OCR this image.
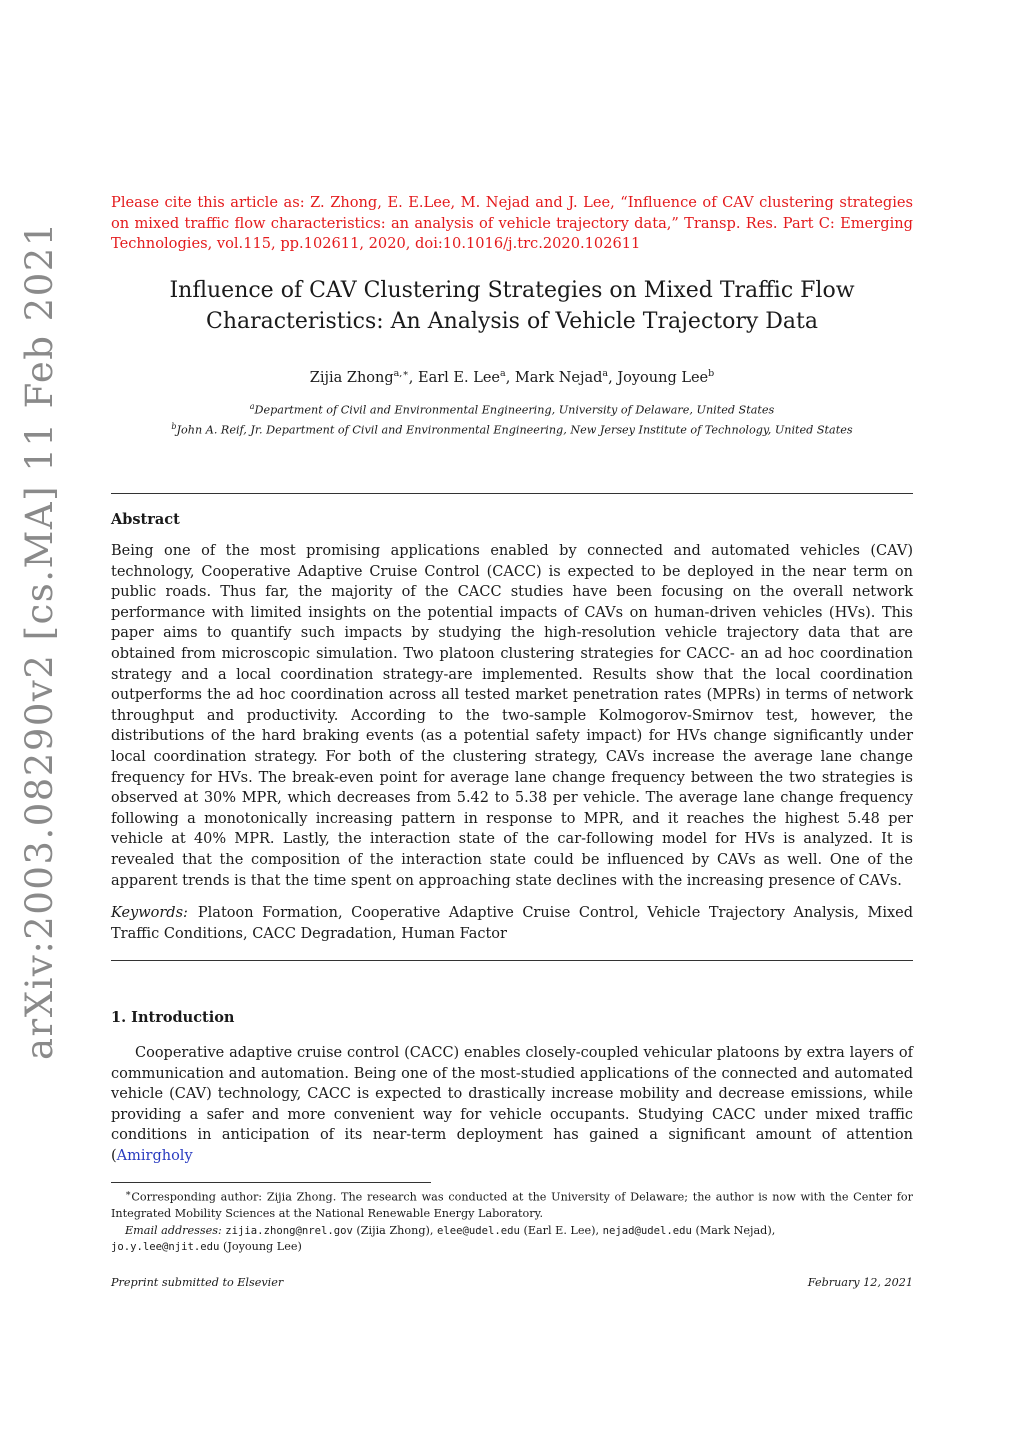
arXiv:2003.08290v2 [cs.MA] 11 Feb 2021
Please cite this article as: Z. Zhong, E. E.Lee, M. Nejad and J. Lee, “Influence of CAV clustering strategies on mixed traffic flow characteristics: an analysis of vehicle trajectory data,” Transp. Res. Part C: Emerging Technologies, vol.115, pp.102611, 2020, doi:10.1016/j.trc.2020.102611
Influence of CAV Clustering Strategies on Mixed Traffic Flow
Characteristics: An Analysis of Vehicle Trajectory Data
Zijia Zhong$^{a,∗}$, Earl E. Lee$^a$, Mark Nejad$^a$, Joyoung Lee$^b$
$^a$Department of Civil and Environmental Engineering, University of Delaware, United States
$^b$John A. Reif, Jr. Department of Civil and Environmental Engineering, New Jersey Institute of Technology, United States
Abstract
Being one of the most promising applications enabled by connected and automated vehicles (CAV) technology, Cooperative Adaptive Cruise Control (CACC) is expected to be deployed in the near term on public roads. Thus far, the majority of the CACC studies have been focusing on the overall network performance with limited insights on the potential impacts of CAVs on human-driven vehicles (HVs). This paper aims to quantify such impacts by studying the high-resolution vehicle trajectory data that are obtained from microscopic simulation. Two platoon clustering strategies for CACC- an ad hoc coordination strategy and a local coordination strategy-are implemented. Results show that the local coordination outperforms the ad hoc coordination across all tested market penetration rates (MPRs) in terms of network throughput and productivity. According to the two-sample Kolmogorov-Smirnov test, however, the distributions of the hard braking events (as a potential safety impact) for HVs change significantly under local coordination strategy. For both of the clustering strategy, CAVs increase the average lane change frequency for HVs. The break-even point for average lane change frequency between the two strategies is observed at 30% MPR, which decreases from 5.42 to 5.38 per vehicle. The average lane change frequency following a monotonically increasing pattern in response to MPR, and it reaches the highest 5.48 per vehicle at 40% MPR. Lastly, the interaction state of the car-following model for HVs is analyzed. It is revealed that the composition of the interaction state could be influenced by CAVs as well. One of the apparent trends is that the time spent on approaching state declines with the increasing presence of CAVs.
Keywords: Platoon Formation, Cooperative Adaptive Cruise Control, Vehicle Trajectory Analysis, Mixed Traffic Conditions, CACC Degradation, Human Factor
1. Introduction
Cooperative adaptive cruise control (CACC) enables closely-coupled vehicular platoons by extra layers of communication and automation. Being one of the most-studied applications of the connected and automated vehicle (CAV) technology, CACC is expected to drastically increase mobility and decrease emissions, while providing a safer and more convenient way for vehicle occupants. Studying CACC under mixed traffic conditions in anticipation of its near-term deployment has gained a significant amount of attention (Amirgholy
∗Corresponding author: Zijia Zhong. The research was conducted at the University of Delaware; the author is now with the Center for Integrated Mobility Sciences at the National Renewable Energy Laboratory.
Email addresses: zijia.zhong@nrel.gov (Zijia Zhong), elee@udel.edu (Earl E. Lee), nejad@udel.edu (Mark Nejad),
jo.y.lee@njit.edu (Joyoung Lee)
Preprint submitted to Elsevier	February 12, 2021
